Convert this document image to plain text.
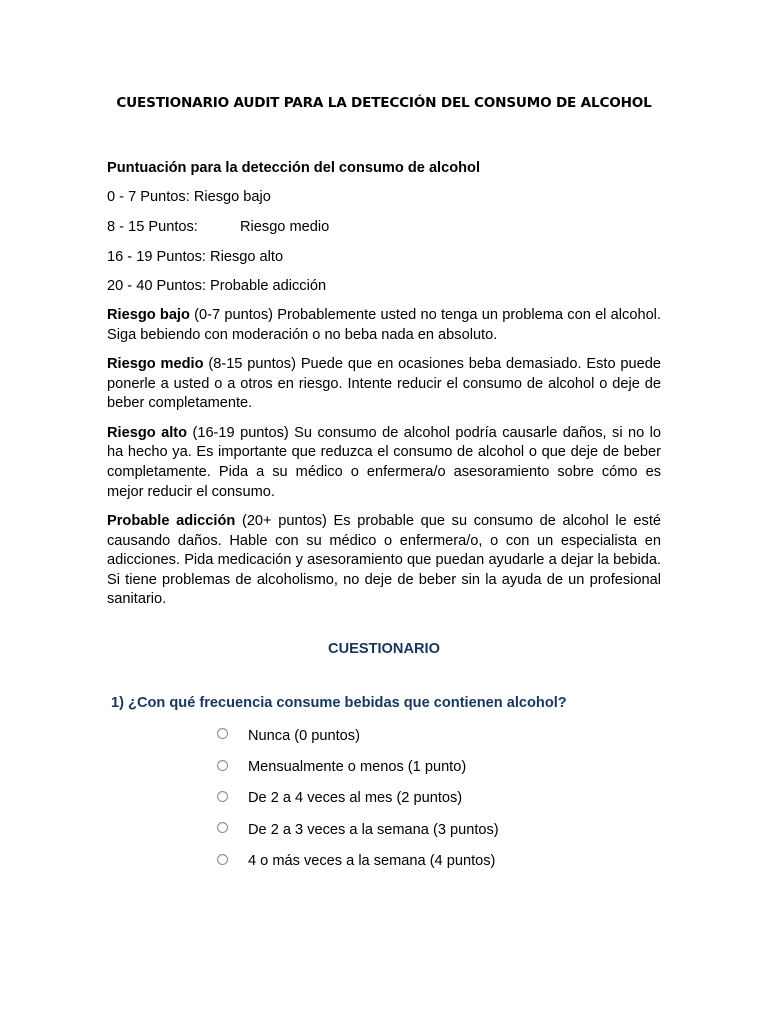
CUESTIONARIO AUDIT PARA LA DETECCIÓN DEL CONSUMO DE ALCOHOL
Puntuación para la detección del consumo de alcohol
0 - 7 Puntos: Riesgo bajo
8 - 15 Puntos:	Riesgo medio
16 - 19 Puntos: Riesgo alto
20 - 40 Puntos: Probable adicción
Riesgo bajo (0-7 puntos) Probablemente usted no tenga un problema con el alcohol. Siga bebiendo con moderación o no beba nada en absoluto.
Riesgo medio (8-15 puntos) Puede que en ocasiones beba demasiado. Esto puede ponerle a usted o a otros en riesgo. Intente reducir el consumo de alcohol o deje de beber completamente.
Riesgo alto (16-19 puntos) Su consumo de alcohol podría causarle daños, si no lo ha hecho ya. Es importante que reduzca el consumo de alcohol o que deje de beber completamente. Pida a su médico o enfermera/o asesoramiento sobre cómo es mejor reducir el consumo.
Probable adicción (20+ puntos) Es probable que su consumo de alcohol le esté causando daños. Hable con su médico o enfermera/o, o con un especialista en adicciones. Pida medicación y asesoramiento que puedan ayudarle a dejar la bebida. Si tiene problemas de alcoholismo, no deje de beber sin la ayuda de un profesional sanitario.
CUESTIONARIO
1) ¿Con qué frecuencia consume bebidas que contienen alcohol?
Nunca (0 puntos)
Mensualmente o menos (1 punto)
De 2 a 4 veces al mes (2 puntos)
De 2 a 3 veces a la semana (3 puntos)
4 o más veces a la semana (4 puntos)
